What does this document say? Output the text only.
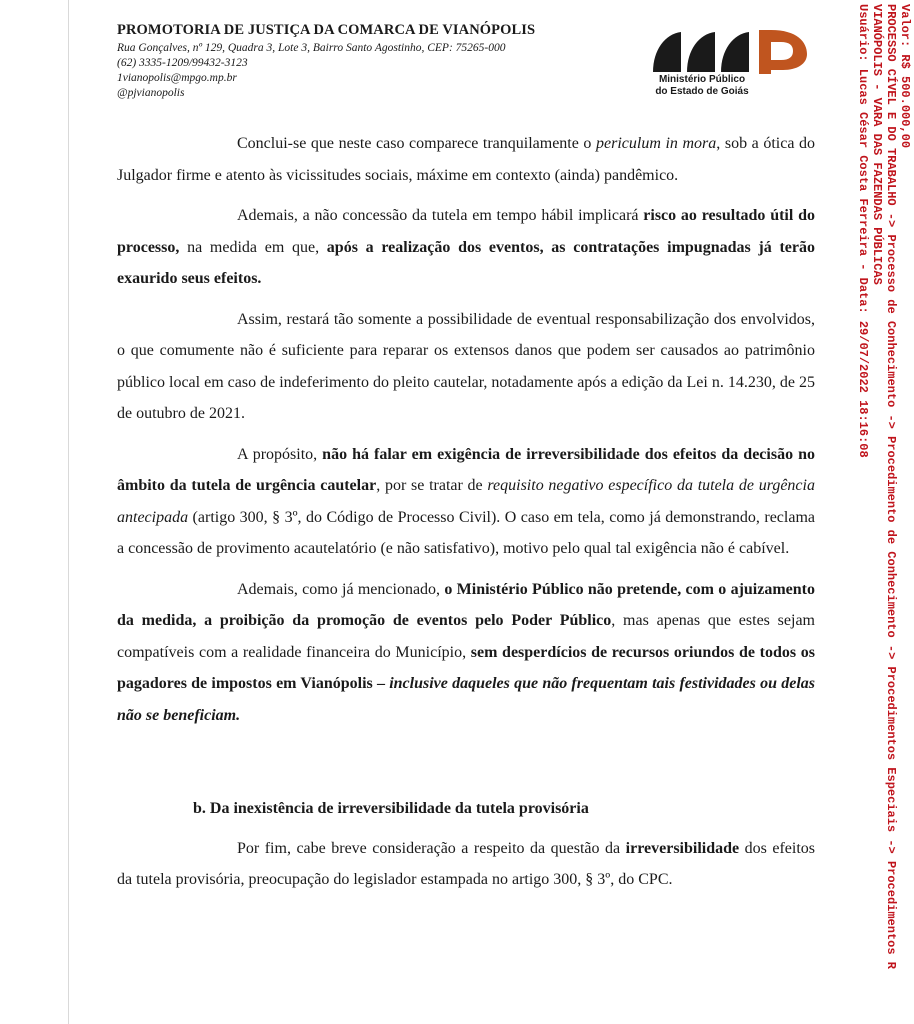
PROMOTORIA DE JUSTIÇA DA COMARCA DE VIANÓPOLIS
Rua Gonçalves, nº 129, Quadra 3, Lote 3, Bairro Santo Agostinho, CEP: 75265-000
(62) 3335-1209/99432-3123
1vianopolis@mpgo.mp.br
@pjvianopolis
Ministério Público
do Estado de Goiás

Conclui-se que neste caso comparece tranquilamente o periculum in mora, sob a ótica do Julgador firme e atento às vicissitudes sociais, máxime em contexto (ainda) pandêmico.

Ademais, a não concessão da tutela em tempo hábil implicará risco ao resultado útil do processo, na medida em que, após a realização dos eventos, as contratações impugnadas já terão exaurido seus efeitos.

Assim, restará tão somente a possibilidade de eventual responsabilização dos envolvidos, o que comumente não é suficiente para reparar os extensos danos que podem ser causados ao patrimônio público local em caso de indeferimento do pleito cautelar, notadamente após a edição da Lei n. 14.230, de 25 de outubro de 2021.

A propósito, não há falar em exigência de irreversibilidade dos efeitos da decisão no âmbito da tutela de urgência cautelar, por se tratar de requisito negativo específico da tutela de urgência antecipada (artigo 300, § 3º, do Código de Processo Civil). O caso em tela, como já demonstrando, reclama a concessão de provimento acautelatório (e não satisfativo), motivo pelo qual tal exigência não é cabível.

Ademais, como já mencionado, o Ministério Público não pretende, com o ajuizamento da medida, a proibição da promoção de eventos pelo Poder Público, mas apenas que estes sejam compatíveis com a realidade financeira do Município, sem desperdícios de recursos oriundos de todos os pagadores de impostos em Vianópolis – inclusive daqueles que não frequentam tais festividades ou delas não se beneficiam.

b. Da inexistência de irreversibilidade da tutela provisória

Por fim, cabe breve consideração a respeito da questão da irreversibilidade dos efeitos da tutela provisória, preocupação do legislador estampada no artigo 300, § 3º, do CPC.

Valor: R$ 500.000,00
PROCESSO CÍVEL E DO TRABALHO -> Processo de Conhecimento -> Procedimento de Conhecimento -> Procedimentos Especiais -> Procedimentos R
VIANÓPOLIS - VARA DAS FAZENDAS PÚBLICAS
Usuário: Lucas César Costa Ferreira - Data: 29/07/2022 18:16:08
